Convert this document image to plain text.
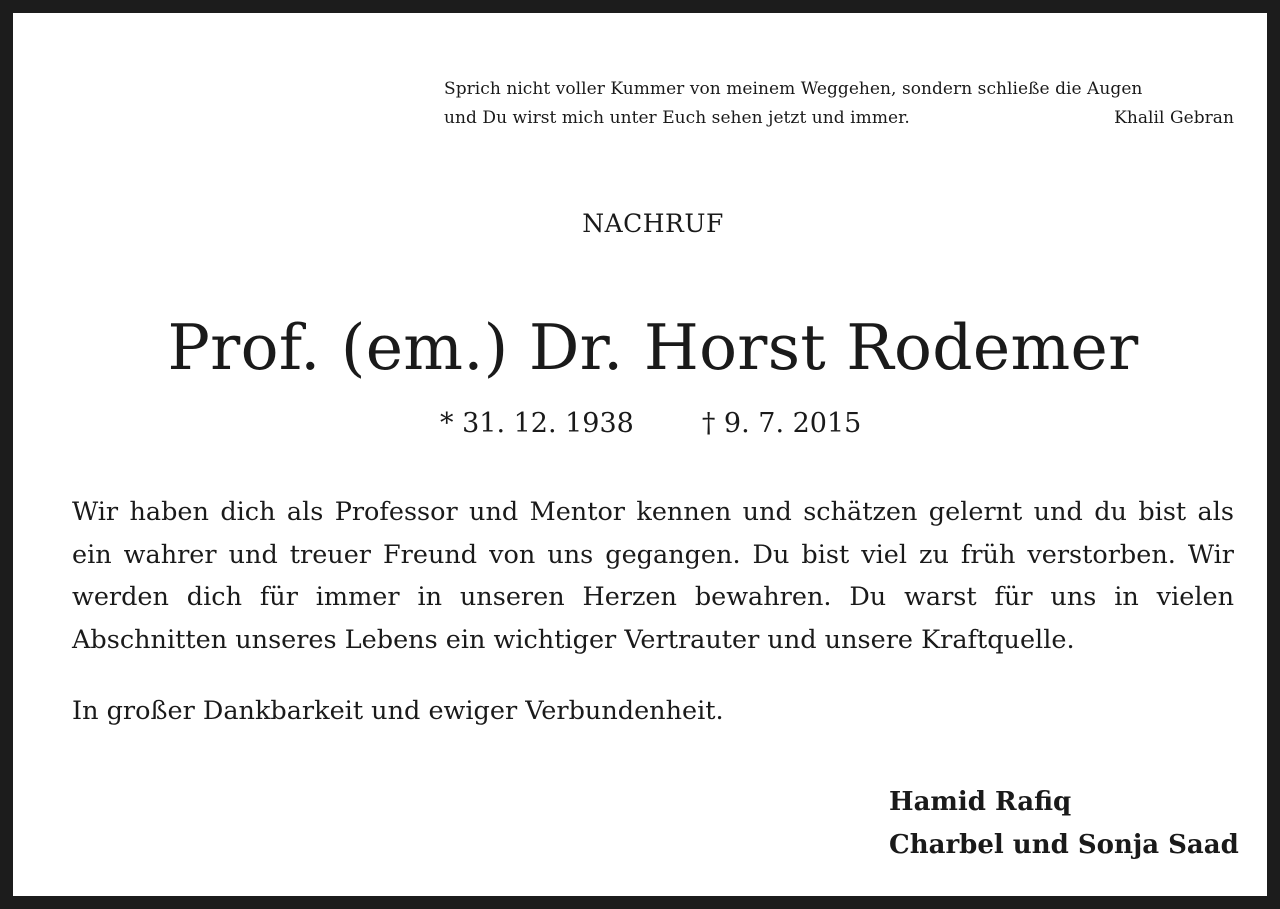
Sprich nicht voller Kummer von meinem Weggehen, sondern schließe die Augen
und Du wirst mich unter Euch sehen jetzt und immer.	Khalil Gebran
NACHRUF
Prof. (em.) Dr. Horst Rodemer
* 31. 12. 1938	† 9. 7. 2015
Wir haben dich als Professor und Mentor kennen und schätzen gelernt und du bist als ein wahrer und treuer Freund von uns gegangen. Du bist viel zu früh verstorben. Wir werden dich für immer in unseren Herzen bewahren. Du warst für uns in vielen Abschnitten unseres Lebens ein wichtiger Vertrauter und unsere Kraftquelle.
In großer Dankbarkeit und ewiger Verbundenheit.
Hamid Rafiq
Charbel und Sonja Saad
